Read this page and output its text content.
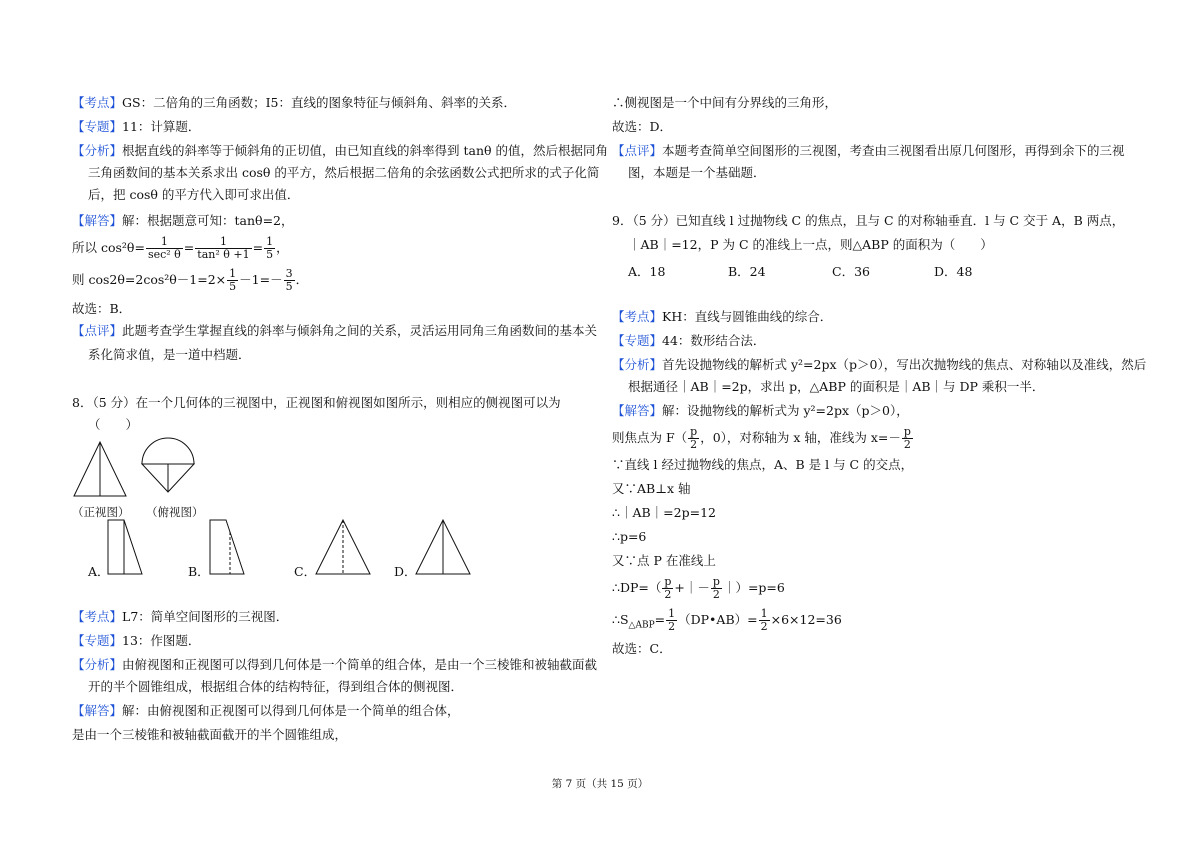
【考点】GS：二倍角的三角函数；I5：直线的图象特征与倾斜角、斜率的关系．
【专题】11：计算题．
【分析】根据直线的斜率等于倾斜角的正切值，由已知直线的斜率得到 tanθ 的值，然后根据同角
三角函数间的基本关系求出 cosθ 的平方，然后根据二倍角的余弦函数公式把所求的式子化简
后，把 cosθ 的平方代入即可求出值．
【解答】解：根据题意可知：tanθ=2，
所以 $\cos^2\theta= \frac{1}{\text{sec² θ}} = \frac{1}{\text{tan² θ +1}} = \frac{1}{5}$ ，
则 $\cos 2\theta=2\cos^2\theta-1=2\times \frac{1}{5} -1=- \frac{3}{5}$ ．
故选：B．
【点评】此题考查学生掌握直线的斜率与倾斜角之间的关系，灵活运用同角三角函数间的基本关
系化简求值，是一道中档题．
8．（5 分）在一个几何体的三视图中，正视图和俯视图如图所示，则相应的侧视图可以为
（　　）
（正视图） （俯视图）
A．	B．	C．	D．
【考点】L7：简单空间图形的三视图．
【专题】13：作图题．
【分析】由俯视图和正视图可以得到几何体是一个简单的组合体，是由一个三棱锥和被轴截面截
开的半个圆锥组成，根据组合体的结构特征，得到组合体的侧视图．
【解答】解：由俯视图和正视图可以得到几何体是一个简单的组合体，
是由一个三棱锥和被轴截面截开的半个圆锥组成，
∴侧视图是一个中间有分界线的三角形，
故选：D．
【点评】本题考查简单空间图形的三视图，考查由三视图看出原几何图形，再得到余下的三视
图，本题是一个基础题．
9．（5 分）已知直线 l 过抛物线 C 的焦点，且与 C 的对称轴垂直．l 与 C 交于 A，B 两点，
｜AB｜=12，P 为 C 的准线上一点，则△ABP 的面积为（　　）
A．18	B．24	C．36	D．48
【考点】KH：直线与圆锥曲线的综合．
【专题】44：数形结合法．
【分析】首先设抛物线的解析式 y²=2px（p＞0），写出次抛物线的焦点、对称轴以及准线，然后
根据通径｜AB｜=2p，求出 p，△ABP 的面积是｜AB｜与 DP 乘积一半．
【解答】解：设抛物线的解析式为 y²=2px（p＞0），
则焦点为 $F( \frac{p}{2}$ ，0），对称轴为 x 轴，准线为 $x=- \frac{p}{2}$
∵直线 l 经过抛物线的焦点，A、B 是 l 与 C 的交点，
又∵AB⊥x 轴
∴｜AB｜=2p=12
∴p=6
又∵点 P 在准线上
∴DP=（ $\frac{p}{2}$ +｜－ $\frac{p}{2}$ ｜）=p=6
$\therefore S_{\triangle ABP}= \frac{1}{2}$ （DP•AB）= $\frac{1}{2} \times 6\times 12=36$
故选：C．
第 7 页（共 15 页）
